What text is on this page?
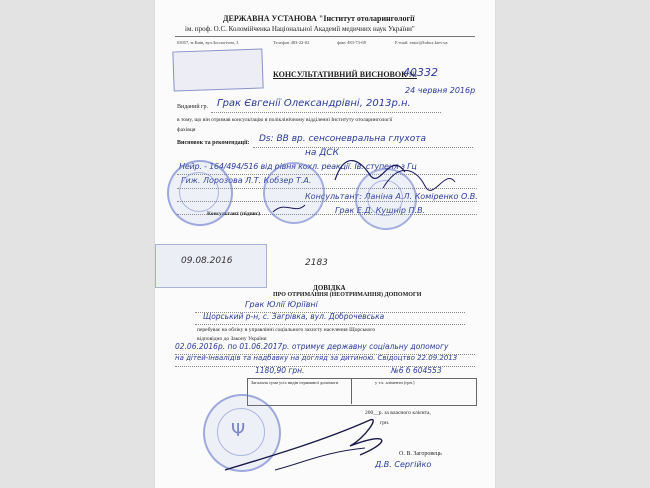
ДЕРЖАВНА УСТАНОВА "Інститут отоларингології
ім. проф. О.С. Коломійченка Національної Академії медичних наук України"
03057, м.Київ, вул.Зоологічна, 3	Телефон 483-22-02	факс 483-73-68	E-mail: entor@Inbox.kiev.ua
КОНСУЛЬТАТИВНИЙ ВИСНОВОК №
40332
24 червня 2016р
Виданий гр. Грак Євгенії Олександрівні, 2013р.н.
в тому, що він отримав консультацію в поліклінічному відділенні Інституту отоларингології
фахівця
Висновок та рекомендації: Ds: ВВ вр. сенсоневральна глухота
на ДСК
Нейр. - 164/494/516 від рівня кохл. реакції. Ів. ступеня з Гц
Гиж. Лорозова Л.Т. Кобзер Т.А.
Консультант: Ланіна А.Л. Коміренко О.В.
Грак Е.Д. Кушнір П.В.
Консультант (підпис)
09.08.2016	2183
ДОВІДКА
ПРО ОТРИМАННЯ (НЕОТРИМАННЯ) ДОПОМОГИ
Грак Юлії Юріївні
Щорський р-н, с. Загрівка, вул. Доброчевська
перебуває на обліку в управлінні соціального захисту населення Щорського
відповідно до Закону України
02.06.2016р. по 01.06.2017р. отримує державну соціальну допомогу
на дітей-інвалідів та надбавку на догляд за дитиною. Свідоцтво 22.09.2013
1180,90 грн.	№6 б 604553
Загальна сума усіх видів отриманої допомоги	у т.ч. аліменти (грн.)
200__р. за власного клієнта,
грн.
Ψ
О. В. Загоровець
Д.В. Сергійко
